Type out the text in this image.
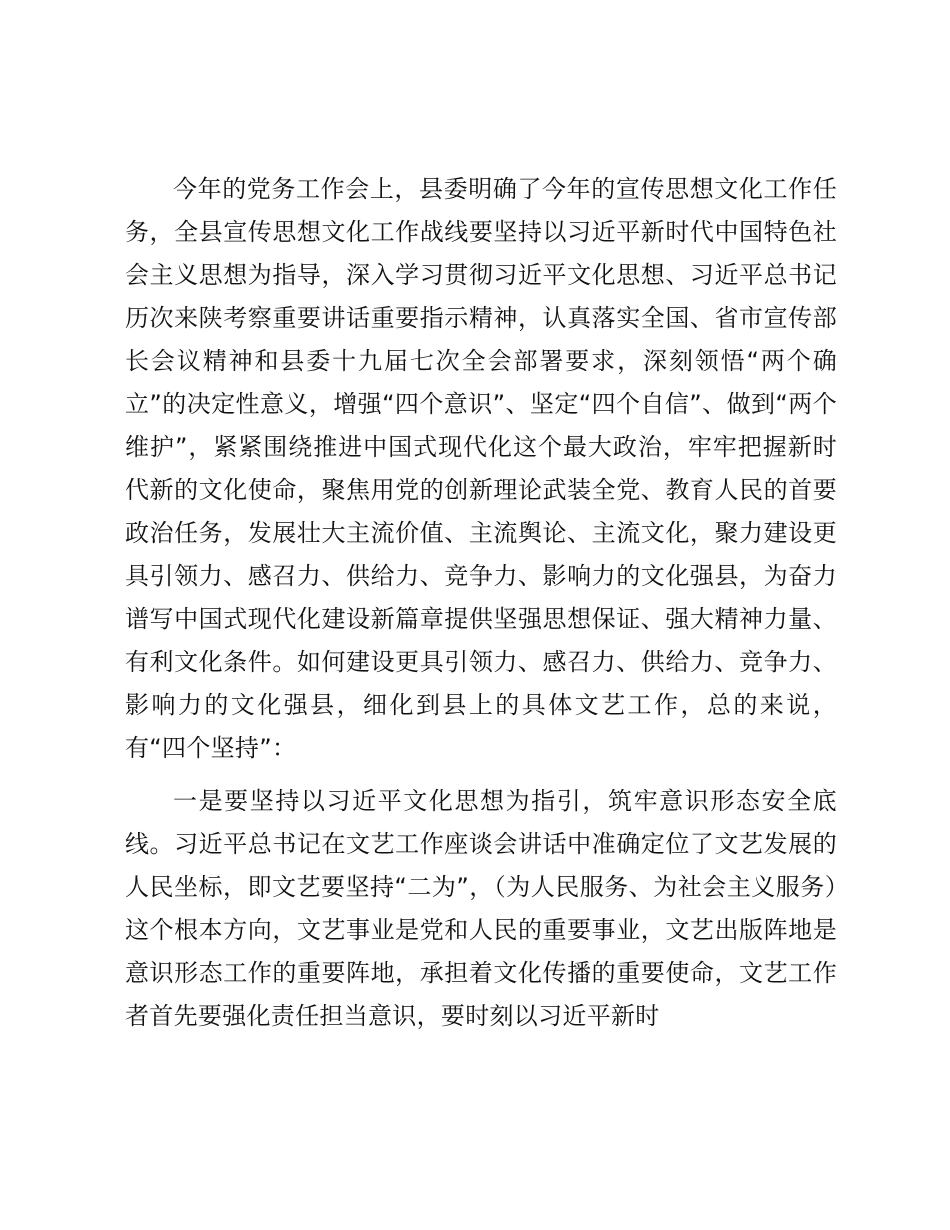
今年的党务工作会上，县委明确了今年的宣传思想文化工作任务，全县宣传思想文化工作战线要坚持以习近平新时代中国特色社会主义思想为指导，深入学习贯彻习近平文化思想、习近平总书记历次来陕考察重要讲话重要指示精神，认真落实全国、省市宣传部长会议精神和县委十九届七次全会部署要求，深刻领悟“两个确立”的决定性意义，增强“四个意识”、坚定“四个自信”、做到“两个维护”，紧紧围绕推进中国式现代化这个最大政治，牢牢把握新时代新的文化使命，聚焦用党的创新理论武装全党、教育人民的首要政治任务，发展壮大主流价值、主流舆论、主流文化，聚力建设更具引领力、感召力、供给力、竞争力、影响力的文化强县，为奋力谱写中国式现代化建设新篇章提供坚强思想保证、强大精神力量、有利文化条件。如何建设更具引领力、感召力、供给力、竞争力、影响力的文化强县，细化到县上的具体文艺工作，总的来说，有“四个坚持”：

一是要坚持以习近平文化思想为指引，筑牢意识形态安全底线。习近平总书记在文艺工作座谈会讲话中准确定位了文艺发展的人民坐标，即文艺要坚持“二为”，（为人民服务、为社会主义服务）这个根本方向，文艺事业是党和人民的重要事业，文艺出版阵地是意识形态工作的重要阵地，承担着文化传播的重要使命，文艺工作者首先要强化责任担当意识，要时刻以习近平新时
